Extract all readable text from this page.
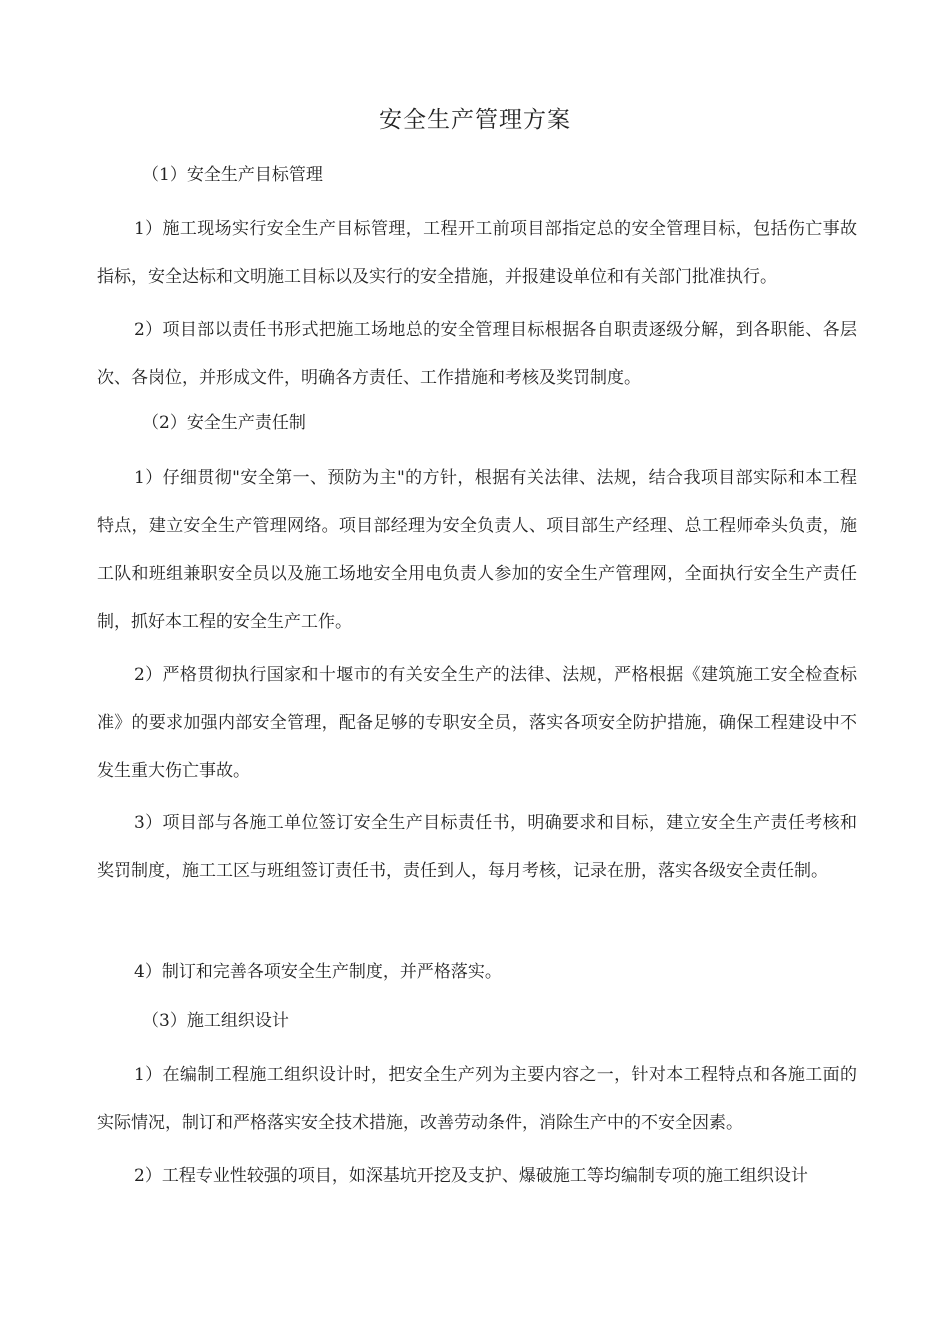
安全生产管理方案
（1）安全生产目标管理
1）施工现场实行安全生产目标管理，工程开工前项目部指定总的安全管理目标，包括伤亡事故指标，安全达标和文明施工目标以及实行的安全措施，并报建设单位和有关部门批准执行。
2）项目部以责任书形式把施工场地总的安全管理目标根据各自职责逐级分解，到各职能、各层次、各岗位，并形成文件，明确各方责任、工作措施和考核及奖罚制度。
（2）安全生产责任制
1）仔细贯彻"安全第一、预防为主"的方针，根据有关法律、法规，结合我项目部实际和本工程特点，建立安全生产管理网络。项目部经理为安全负责人、项目部生产经理、总工程师牵头负责，施工队和班组兼职安全员以及施工场地安全用电负责人参加的安全生产管理网，全面执行安全生产责任制，抓好本工程的安全生产工作。
2）严格贯彻执行国家和十堰市的有关安全生产的法律、法规，严格根据《建筑施工安全检查标准》的要求加强内部安全管理，配备足够的专职安全员，落实各项安全防护措施，确保工程建设中不发生重大伤亡事故。
3）项目部与各施工单位签订安全生产目标责任书，明确要求和目标，建立安全生产责任考核和奖罚制度，施工工区与班组签订责任书，责任到人，每月考核，记录在册，落实各级安全责任制。
4）制订和完善各项安全生产制度，并严格落实。
（3）施工组织设计
1）在编制工程施工组织设计时，把安全生产列为主要内容之一，针对本工程特点和各施工面的实际情况，制订和严格落实安全技术措施，改善劳动条件，消除生产中的不安全因素。
2）工程专业性较强的项目，如深基坑开挖及支护、爆破施工等均编制专项的施工组织设计
